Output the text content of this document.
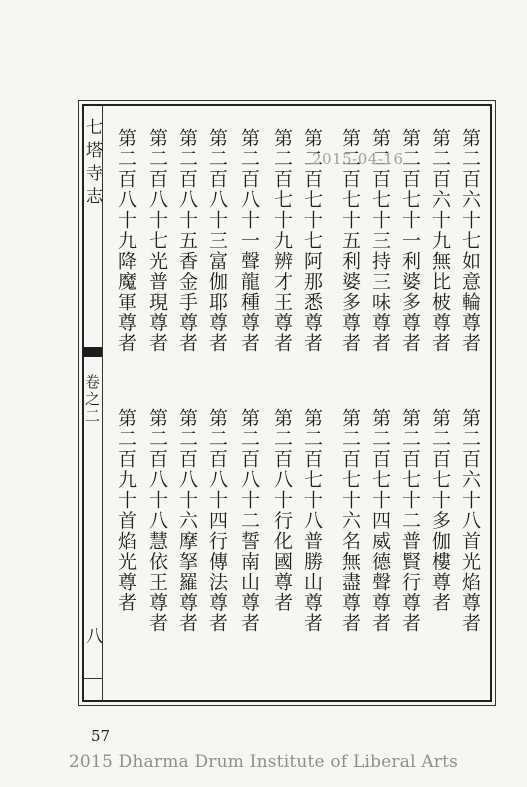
七塔寺志
卷之二
八
第二百六十七如意輪尊者
第二百六十九無比柀尊者
第二百七十一利婆多尊者
第二百七十三持三味尊者
第二百七十五利婆多尊者
第二百七十七阿那悉尊者
第二百七十九辨才王尊者
第二百八十一聲龍種尊者
第二百八十三富伽耶尊者
第二百八十五香金手尊者
第二百八十七光普現尊者
第二百八十九降魔軍尊者
第二百六十八首光焰尊者
第二百七十多伽樓尊者
第二百七十二普賢行尊者
第二百七十四威德聲尊者
第二百七十六名無盡尊者
第二百七十八普勝山尊者
第二百八十行化國尊者
第二百八十二誓南山尊者
第二百八十四行傳法尊者
第二百八十六摩拏羅尊者
第二百八十八慧依王尊者
第二百九十首焰光尊者
2015-04-16
57
2015 Dharma Drum Institute of Liberal Arts
